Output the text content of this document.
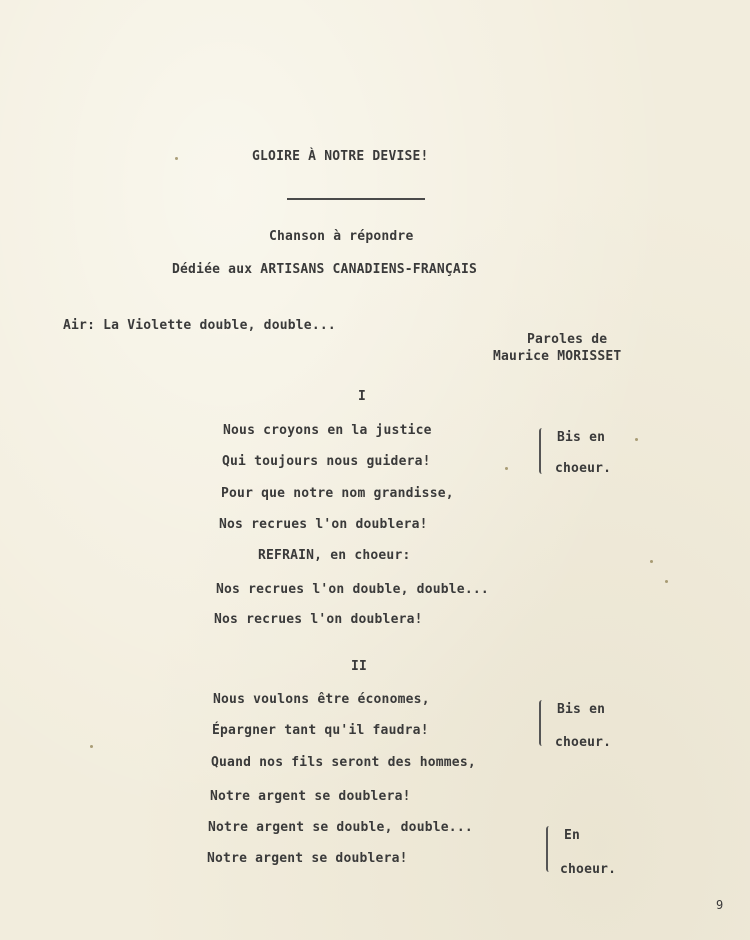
GLOIRE À NOTRE DEVISE!
Chanson à répondre
Dédiée aux ARTISANS CANADIENS-FRANÇAIS
Air: La Violette double, double...
Paroles de
Maurice MORISSET
I
Nous croyons en la justice
Qui toujours nous guidera!
Pour que notre nom grandisse,
Nos recrues l'on doublera!
Bis en
choeur.
REFRAIN, en choeur:
Nos recrues l'on double, double...
Nos recrues l'on doublera!
II
Nous voulons être économes,
Épargner tant qu'il faudra!
Quand nos fils seront des hommes,
Notre argent se doublera!
Notre argent se double, double...
Notre argent se doublera!
Bis en
choeur.
En
choeur.
9
